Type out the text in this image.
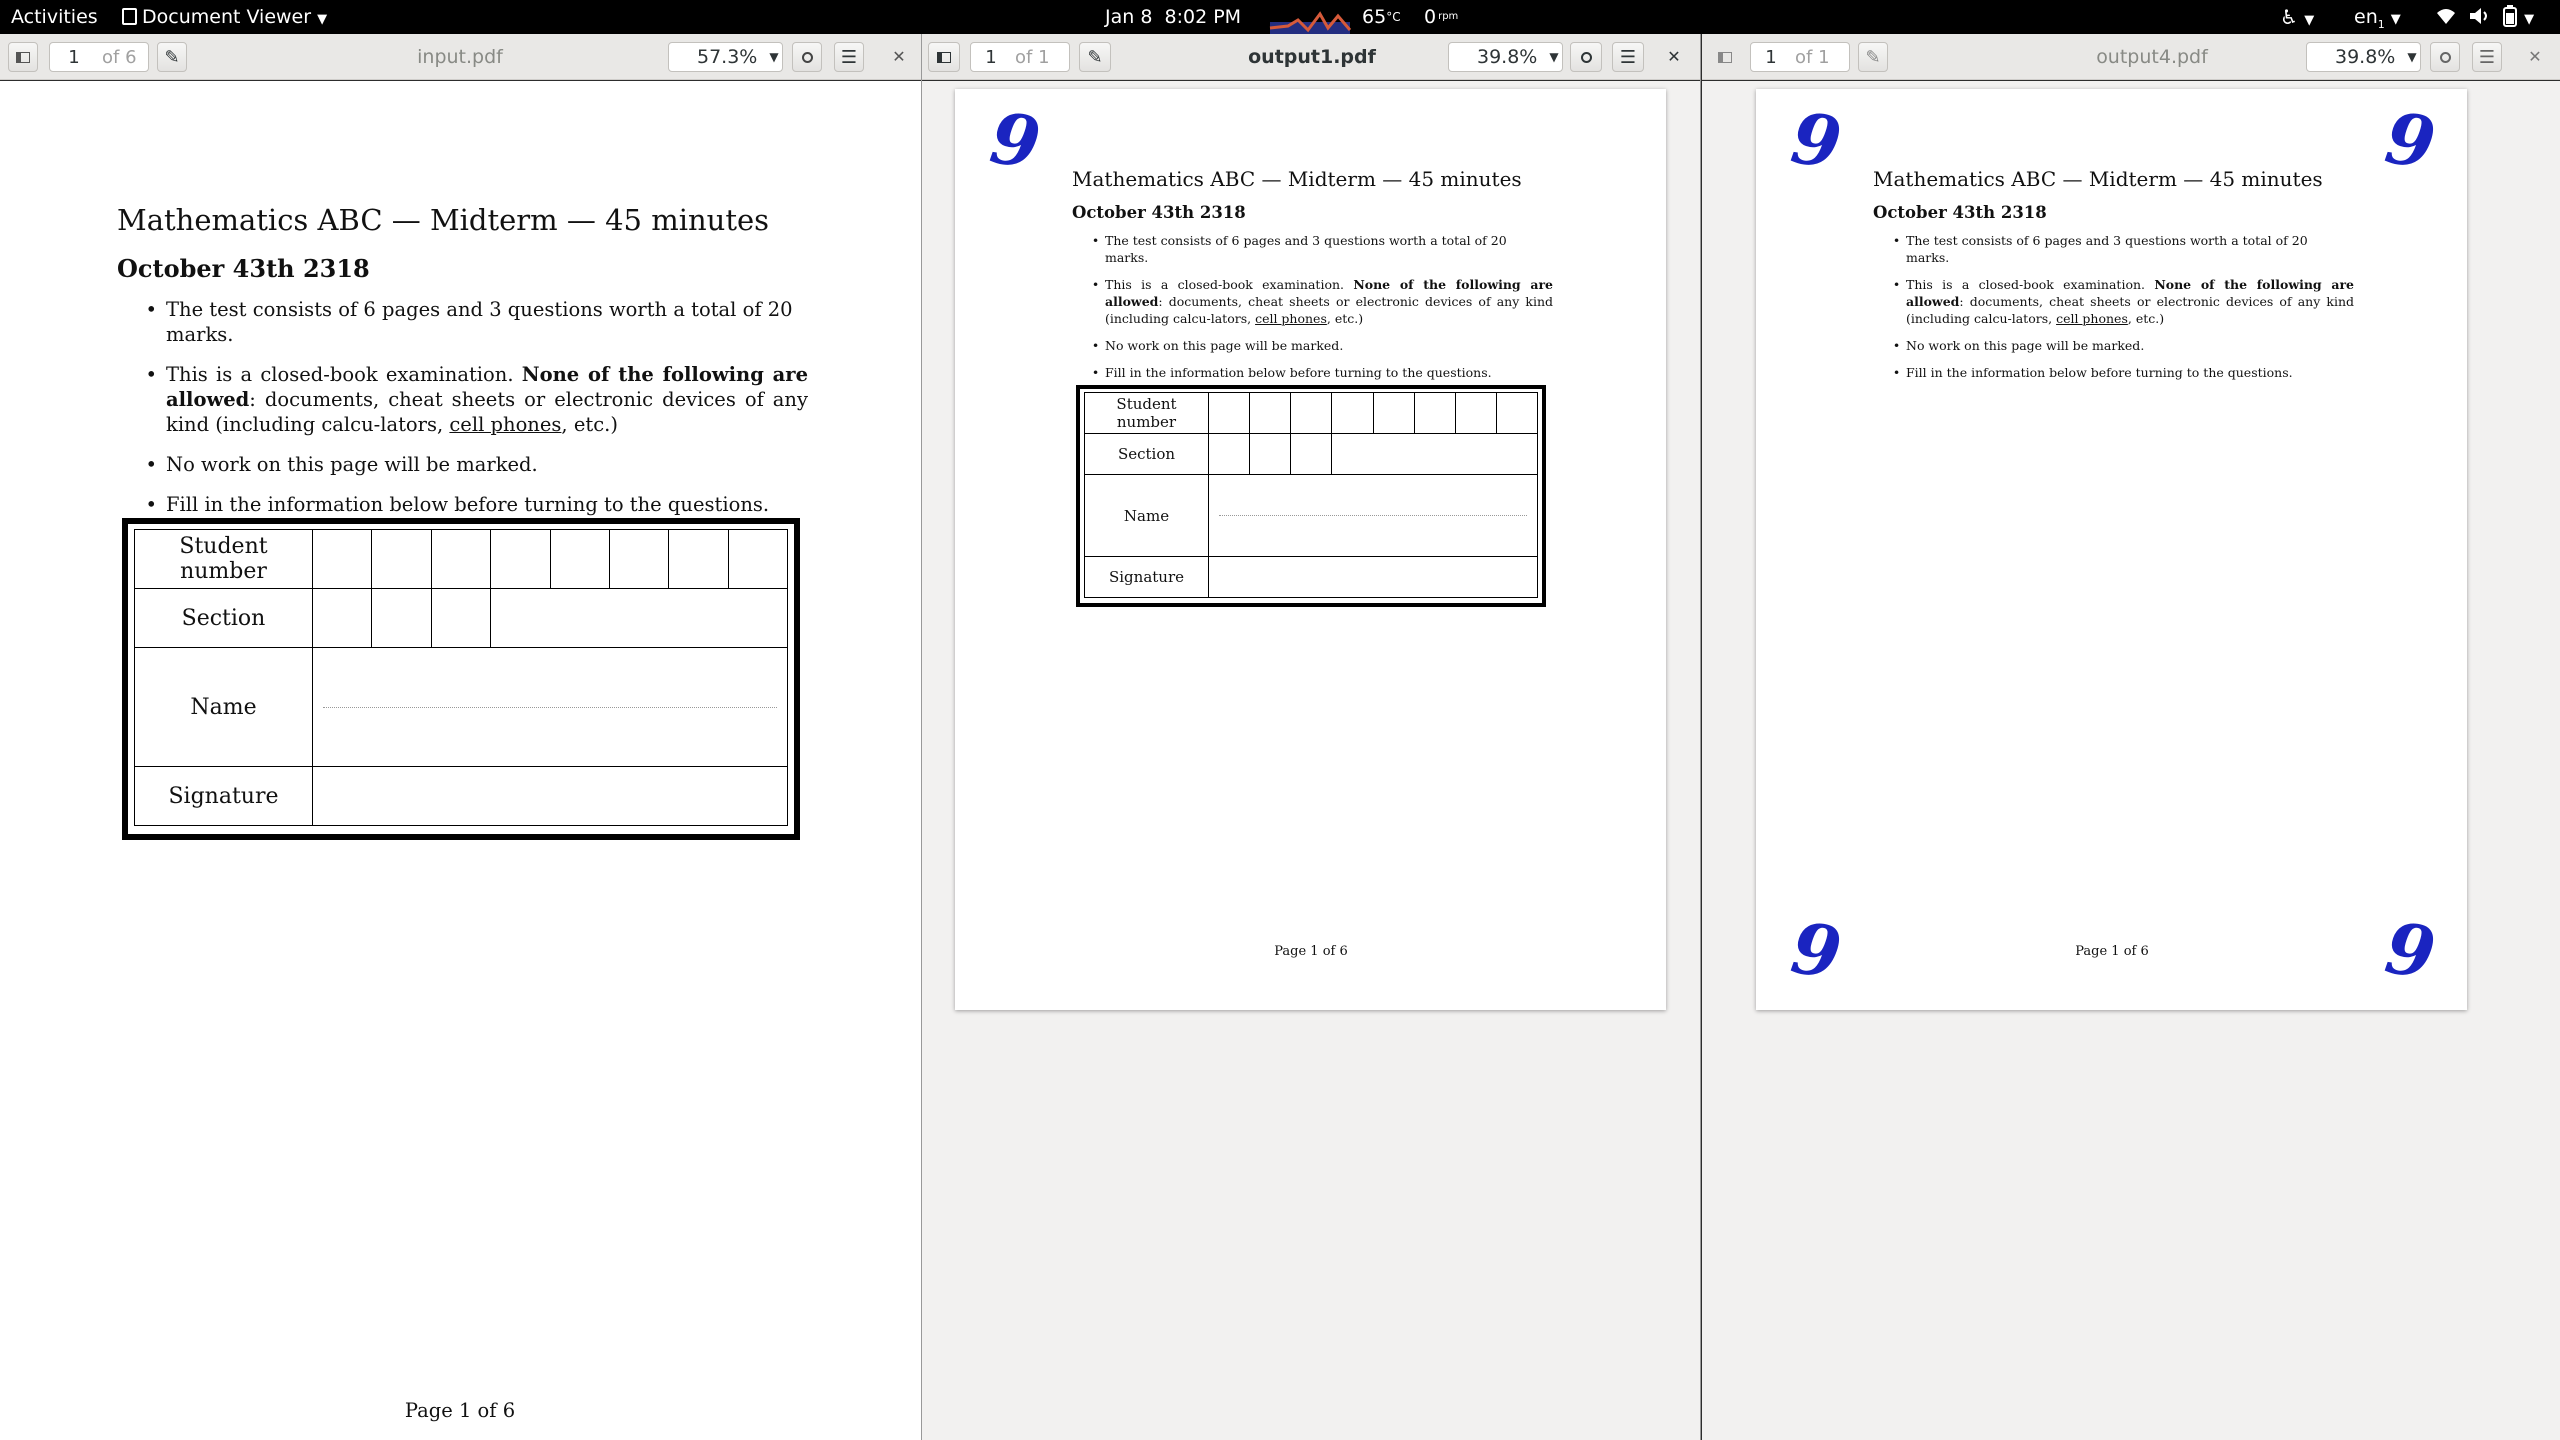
Activities	Document Viewer ▼	Jan 8 8:02 PM	$65^{^\circ C}$ 0 $^{rpm}$	♿ ▼ $en_1$ ▼	▼
1	of 6 ✎	input.pdf	57.3% ▼	☰	✕
Mathematics ABC — Midterm — 45 minutes
October 43th 2318
• The test consists of 6 pages and 3 questions worth a total of 20 marks.
• This is a closed-book examination. None of the following are allowed: documents, cheat sheets or electronic devices of any kind (including calcu-lators, cell phones, etc.)
• No work on this page will be marked.
• Fill in the information below before turning to the questions.
Student number								
Section								
Name								

Signature								
Page 1 of 6
1	of 1 ✎	output1.pdf	39.8% ▼	☰	✕
9 Mathematics ABC — Midterm — 45 minutes
October 43th 2318
• The test consists of 6 pages and 3 questions worth a total of 20 marks.
• This is a closed-book examination. None of the following are allowed: documents, cheat sheets or electronic devices of any kind (including calcu-lators, cell phones, etc.)
• No work on this page will be marked.
• Fill in the information below before turning to the questions.
Student number								
Section								
Name								

Signature								
Page 1 of 6
1	of 1 ✎	output4.pdf	39.8% ▼	☰	✕
9	9
9	9
Mathematics ABC — Midterm — 45 minutes
October 43th 2318
• The test consists of 6 pages and 3 questions worth a total of 20 marks.
• This is a closed-book examination. None of the following are allowed: documents, cheat sheets or electronic devices of any kind (including calcu-lators, cell phones, etc.)
• No work on this page will be marked.
• Fill in the information below before turning to the questions.
Page 1 of 6
